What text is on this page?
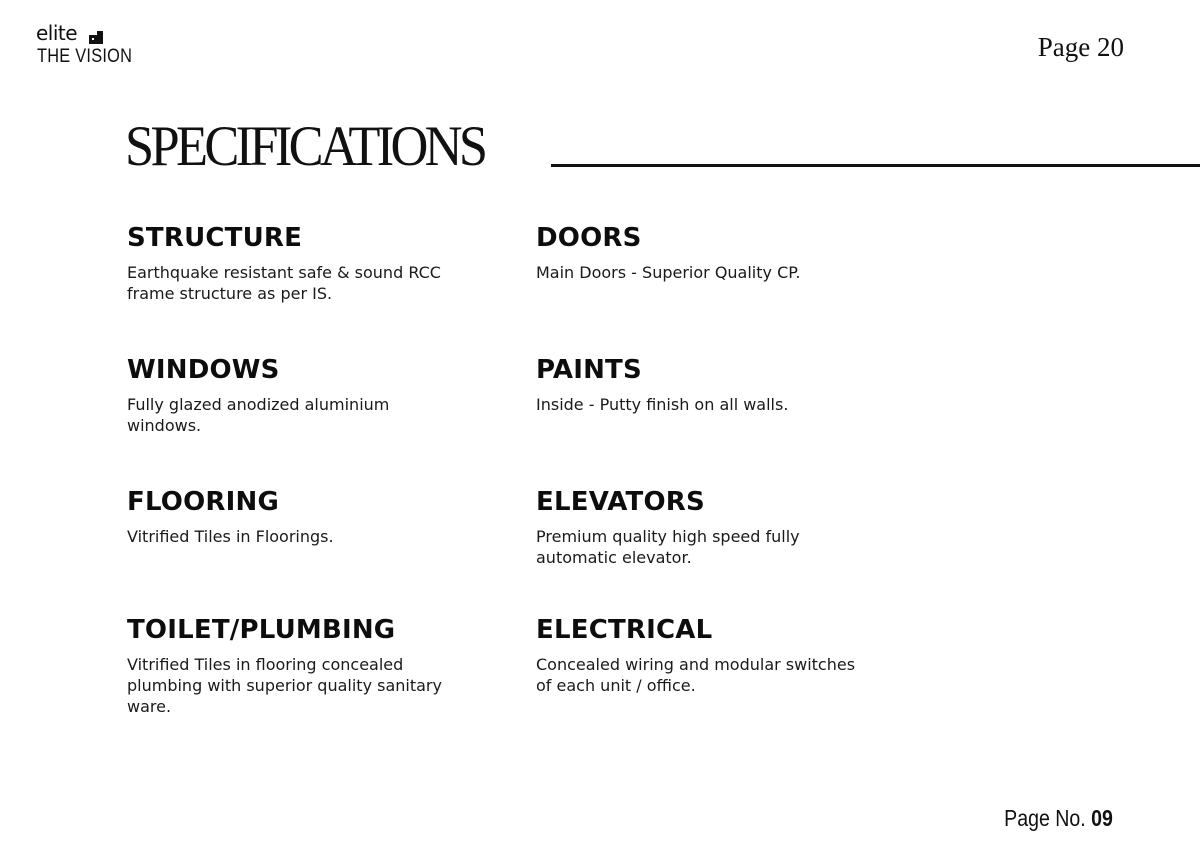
elite
THE VISION	Page 20
SPECIFICATIONS
STRUCTURE

Earthquake resistant safe & sound RCC frame structure as per IS.

DOORS

Main Doors - Superior Quality CP.

WINDOWS

Fully glazed anodized aluminium windows.

PAINTS

Inside - Putty finish on all walls.

FLOORING

Vitrified Tiles in Floorings.

ELEVATORS

Premium quality high speed fully automatic elevator.

TOILET/PLUMBING

Vitrified Tiles in flooring concealed plumbing with superior quality sanitary ware.

ELECTRICAL

Concealed wiring and modular switches of each unit / office.

Page No. 09
